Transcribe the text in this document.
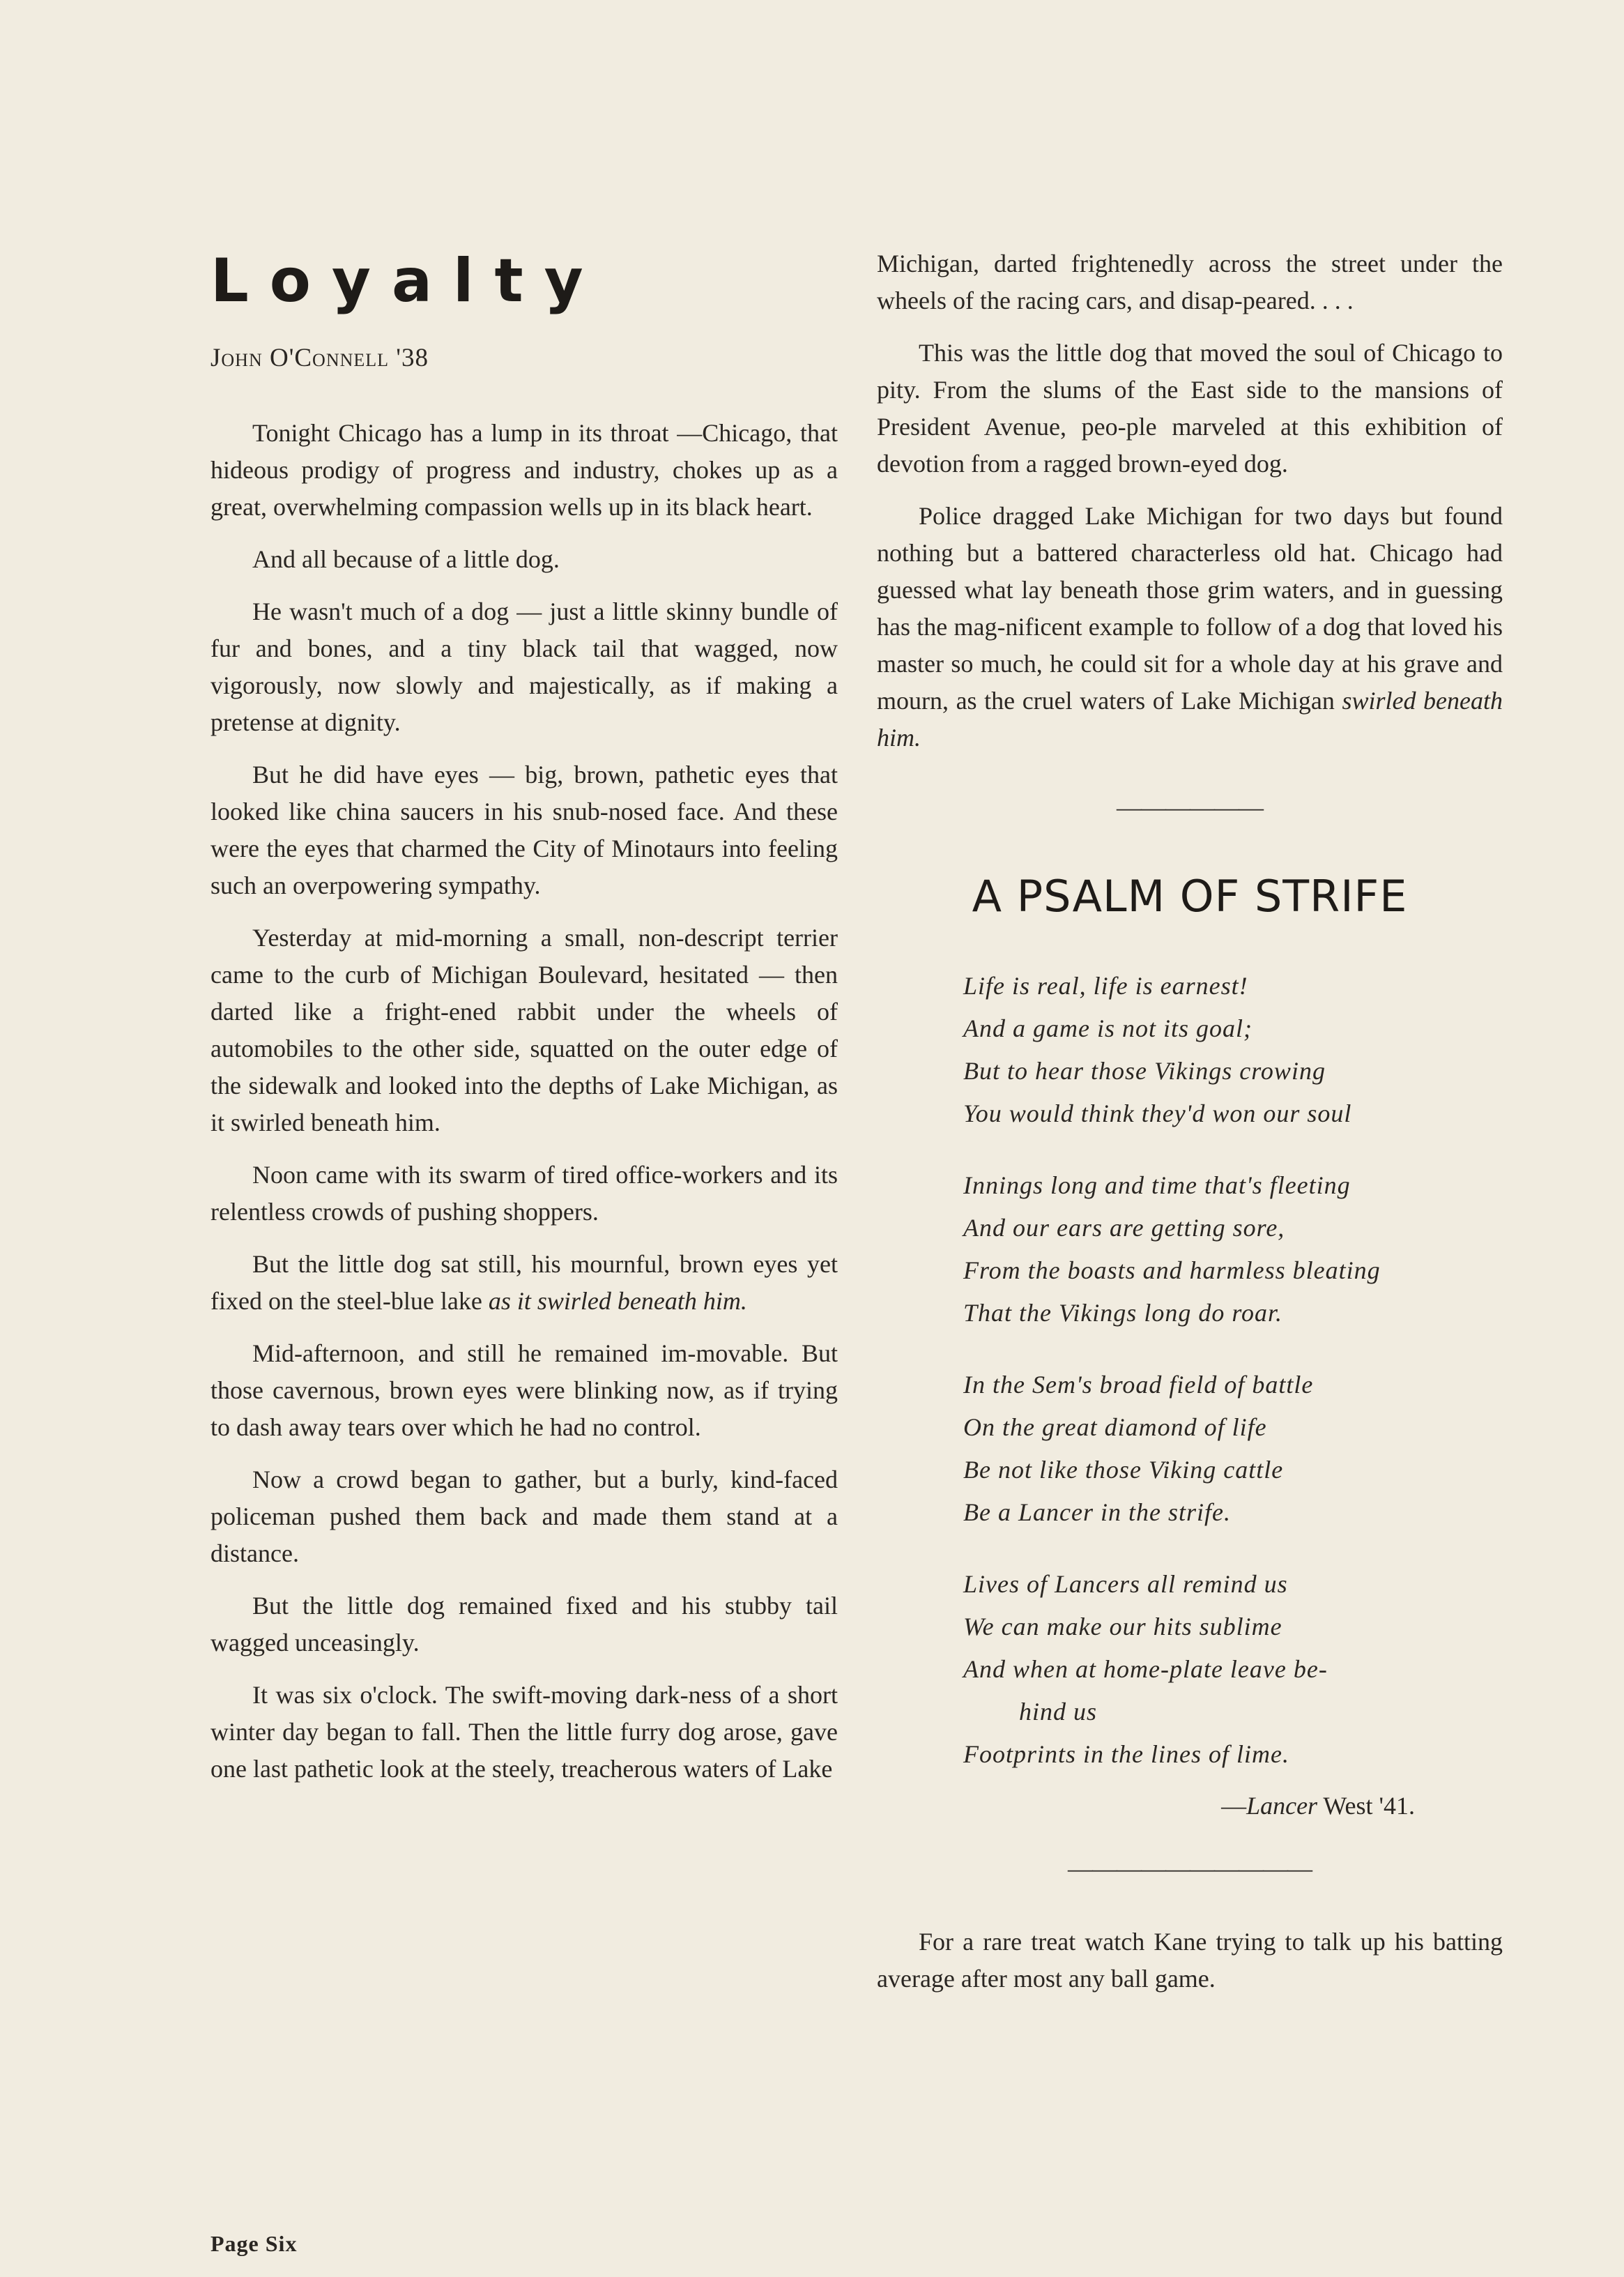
Loyalty
John O'Connell '38

Tonight Chicago has a lump in its throat —Chicago, that hideous prodigy of progress and industry, chokes up as a great, overwhelming compassion wells up in its black heart.

And all because of a little dog.

He wasn't much of a dog — just a little skinny bundle of fur and bones, and a tiny black tail that wagged, now vigorously, now slowly and majestically, as if making a pretense at dignity.

But he did have eyes — big, brown, pathetic eyes that looked like china saucers in his snub-nosed face. And these were the eyes that charmed the City of Minotaurs into feeling such an overpowering sympathy.

Yesterday at mid-morning a small, non-descript terrier came to the curb of Michigan Boulevard, hesitated — then darted like a fright-ened rabbit under the wheels of automobiles to the other side, squatted on the outer edge of the sidewalk and looked into the depths of Lake Michigan, as it swirled beneath him.

Noon came with its swarm of tired office-workers and its relentless crowds of pushing shoppers.

But the little dog sat still, his mournful, brown eyes yet fixed on the steel-blue lake as it swirled beneath him.

Mid-afternoon, and still he remained im-movable. But those cavernous, brown eyes were blinking now, as if trying to dash away tears over which he had no control.

Now a crowd began to gather, but a burly, kind-faced policeman pushed them back and made them stand at a distance.

But the little dog remained fixed and his stubby tail wagged unceasingly.

It was six o'clock. The swift-moving dark-ness of a short winter day began to fall. Then the little furry dog arose, gave one last pathetic look at the steely, treacherous waters of Lake

Michigan, darted frightenedly across the street under the wheels of the racing cars, and disap-peared. . . .

This was the little dog that moved the soul of Chicago to pity. From the slums of the East side to the mansions of President Avenue, peo-ple marveled at this exhibition of devotion from a ragged brown-eyed dog.

Police dragged Lake Michigan for two days but found nothing but a battered characterless old hat. Chicago had guessed what lay beneath those grim waters, and in guessing has the mag-nificent example to follow of a dog that loved his master so much, he could sit for a whole day at his grave and mourn, as the cruel waters of Lake Michigan swirled beneath him.

——————
A PSALM OF STRIFE
Life is real, life is earnest!
And a game is not its goal;
But to hear those Vikings crowing
You would think they'd won our soul
Innings long and time that's fleeting
And our ears are getting sore,
From the boasts and harmless bleating
That the Vikings long do roar.
In the Sem's broad field of battle
On the great diamond of life
Be not like those Viking cattle
Be a Lancer in the strife.
Lives of Lancers all remind us
We can make our hits sublime
And when at home-plate leave be-
hind us
Footprints in the lines of lime.
—Lancer West '41.
——————————

For a rare treat watch Kane trying to talk up his batting average after most any ball game.

Page Six
